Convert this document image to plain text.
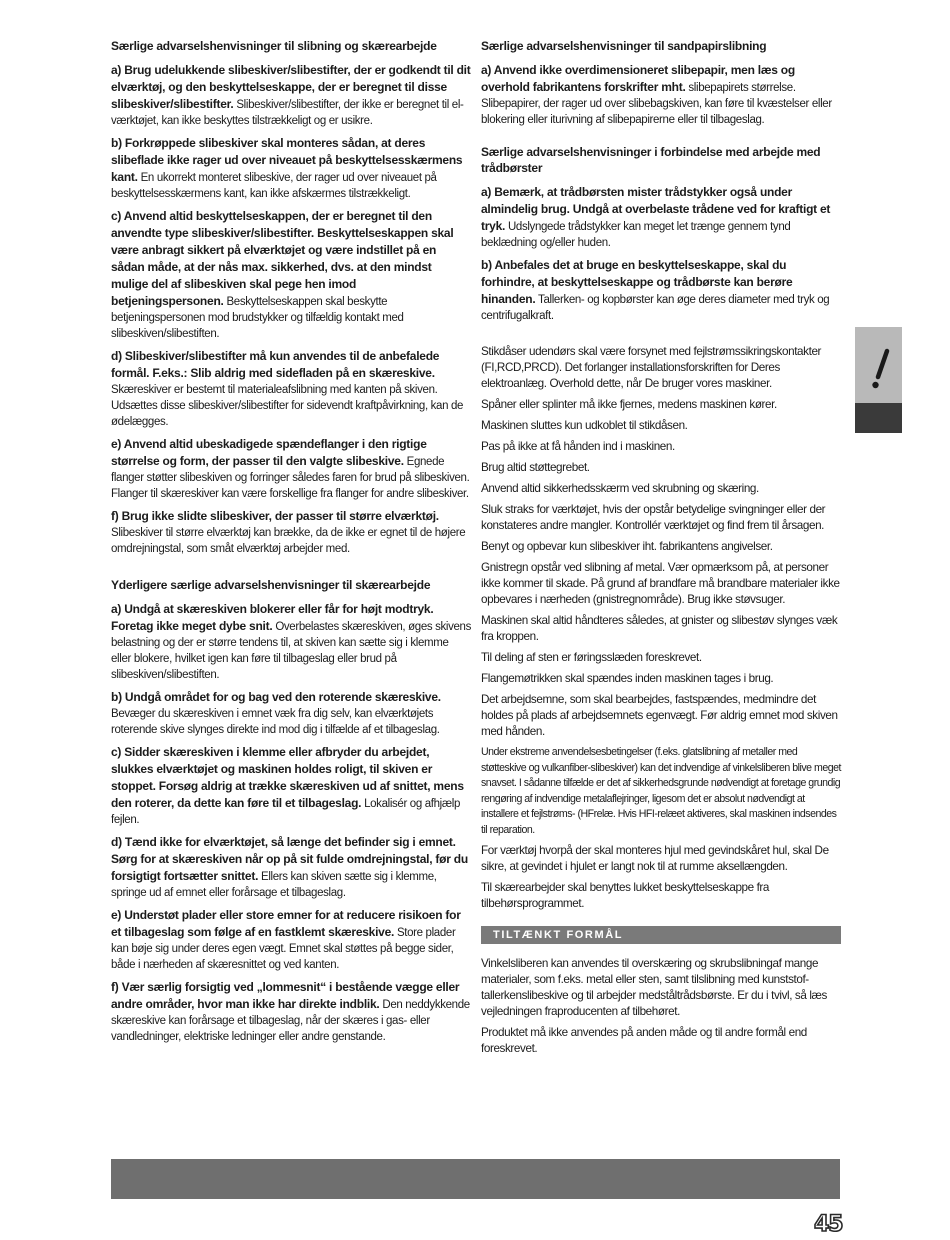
Særlige advarselshenvisninger til slibning og skærearbejde
a) Brug udelukkende slibeskiver/slibestifter, der er godkendt til dit elværktøj, og den beskyttelseskappe, der er beregnet til disse slibeskiver/slibestifter. Slibeskiver/slibestifter, der ikke er beregnet til el-værktøjet, kan ikke beskyttes tilstrækkeligt og er usikre.
b) Forkrøppede slibeskiver skal monteres sådan, at deres slibeflade ikke rager ud over niveauet på beskyttelsesskærmens kant. En ukorrekt monteret slibeskive, der rager ud over niveauet på beskyttelsesskærmens kant, kan ikke afskærmes tilstrækkeligt.
c) Anvend altid beskyttelseskappen, der er beregnet til den anvendte type slibeskiver/slibestifter. Beskyttelseskappen skal være anbragt sikkert på elværktøjet og være indstillet på en sådan måde, at der nås max. sikkerhed, dvs. at den mindst mulige del af slibeskiven skal pege hen imod betjeningspersonen. Beskyttelseskappen skal beskytte betjeningspersonen mod brudstykker og tilfældig kontakt med slibeskiven/slibestiften.
d) Slibeskiver/slibestifter må kun anvendes til de anbefalede formål. F.eks.: Slib aldrig med sidefladen på en skæreskive. Skæreskiver er bestemt til materialeafslibning med kanten på skiven. Udsættes disse slibeskiver/slibestifter for sidevendt kraftpåvirkning, kan de ødelægges.
e) Anvend altid ubeskadigede spændeflanger i den rigtige størrelse og form, der passer til den valgte slibeskive. Egnede flanger støtter slibeskiven og forringer således faren for brud på slibeskiven. Flanger til skæreskiver kan være forskellige fra flanger for andre slibeskiver.
f) Brug ikke slidte slibeskiver, der passer til større elværktøj. Slibeskiver til større elværktøj kan brække, da de ikke er egnet til de højere omdrejningstal, som småt elværktøj arbejder med.
Yderligere særlige advarselshenvisninger til skærearbejde
a) Undgå at skæreskiven blokerer eller får for højt modtryk. Foretag ikke meget dybe snit. Overbelastes skæreskiven, øges skivens belastning og der er større tendens til, at skiven kan sætte sig i klemme eller blokere, hvilket igen kan føre til tilbageslag eller brud på slibeskiven/slibestiften.
b) Undgå området for og bag ved den roterende skæreskive. Bevæger du skæreskiven i emnet væk fra dig selv, kan elværktøjets roterende skive slynges direkte ind mod dig i tilfælde af et tilbageslag.
c) Sidder skæreskiven i klemme eller afbryder du arbejdet, slukkes elværktøjet og maskinen holdes roligt, til skiven er stoppet. Forsøg aldrig at trække skæreskiven ud af snittet, mens den roterer, da dette kan føre til et tilbageslag. Lokalisér og afhjælp fejlen.
d) Tænd ikke for elværktøjet, så længe det befinder sig i emnet. Sørg for at skæreskiven når op på sit fulde omdrejningstal, før du forsigtigt fortsætter snittet. Ellers kan skiven sætte sig i klemme, springe ud af emnet eller forårsage et tilbageslag.
e) Understøt plader eller store emner for at reducere risikoen for et tilbageslag som følge af en fastklemt skæreskive. Store plader kan bøje sig under deres egen vægt. Emnet skal støttes på begge sider, både i nærheden af skæresnittet og ved kanten.
f) Vær særlig forsigtig ved „lommesnit“ i bestående vægge eller andre områder, hvor man ikke har direkte indblik. Den neddykkende skæreskive kan forårsage et tilbageslag, når der skæres i gas- eller vandledninger, elektriske ledninger eller andre genstande.
Særlige advarselshenvisninger til sandpapirslibning
a) Anvend ikke overdimensioneret slibepapir, men læs og overhold fabrikantens forskrifter mht. slibepapirets størrelse. Slibepapirer, der rager ud over slibebagskiven, kan føre til kvæstelser eller blokering eller iturivning af slibepapirerne eller til tilbageslag.
Særlige advarselshenvisninger i forbindelse med arbejde med trådbørster
a) Bemærk, at trådbørsten mister trådstykker også under almindelig brug. Undgå at overbelaste trådene ved for kraftigt et tryk. Udslyngede trådstykker kan meget let trænge gennem tynd beklædning og/eller huden.
b) Anbefales det at bruge en beskyttelseskappe, skal du forhindre, at beskyttelseskappe og trådbørste kan berøre hinanden. Tallerken- og kopbørster kan øge deres diameter med tryk og centrifugalkraft.
Stikdåser udendørs skal være forsynet med fejlstrømssikringskontakter (FI,RCD,PRCD). Det forlanger installationsforskriften for Deres elektroanlæg. Overhold dette, når De bruger vores maskiner.
Spåner eller splinter må ikke fjernes, medens maskinen kører.
Maskinen sluttes kun udkoblet til stikdåsen.
Pas på ikke at få hånden ind i maskinen.
Brug altid støttegrebet.
Anvend altid sikkerhedsskærm ved skrubning og skæring.
Sluk straks for værktøjet, hvis der opstår betydelige svingninger eller der konstateres andre mangler. Kontrollér værktøjet og find frem til årsagen.
Benyt og opbevar kun slibeskiver iht. fabrikantens angivelser.
Gnistregn opstår ved slibning af metal. Vær opmærksom på, at personer ikke kommer til skade. På grund af brandfare må brandbare materialer ikke opbevares i nærheden (gnistregnområde). Brug ikke støvsuger.
Maskinen skal altid håndteres således, at gnister og slibestøv slynges væk fra kroppen.
Til deling af sten er føringsslæden foreskrevet.
Flangemøtrikken skal spændes inden maskinen tages i brug.
Det arbejdsemne, som skal bearbejdes, fastspændes, medmindre det holdes på plads af arbejdsemnets egenvægt. Før aldrig emnet mod skiven med hånden.
Under ekstreme anvendelsesbetingelser (f.eks. glatslibning af metaller med støtteskive og vulkanfiber-slibeskiver) kan det indvendige af vinkelsliberen blive meget snavset. I sådanne tilfælde er det af sikkerhedsgrunde nødvendigt at foretage grundig rengøring af indvendige metalaflejringer, ligesom det er absolut nødvendigt at installere et fejlstrøms- (HFrelæ. Hvis HFI-relæet aktiveres, skal maskinen indsendes til reparation.
For værktøj hvorpå der skal monteres hjul med gevindskåret hul, skal De sikre, at gevindet i hjulet er langt nok til at rumme aksellængden.
Til skærearbejder skal benyttes lukket beskyttelseskappe fra tilbehørsprogrammet.
TILTÆNKT FORMÅL
Vinkelsliberen kan anvendes til overskæring og skrubslibningaf mange materialer, som f.eks. metal eller sten, samt tilslibning med kunststof-tallerkenslibeskive og til arbejder medståltrådsbørste. Er du i tvivl, så læs vejledningen fraproducenten af tilbehøret.
Produktet må ikke anvendes på anden måde og til andre formål end foreskrevet.
45
